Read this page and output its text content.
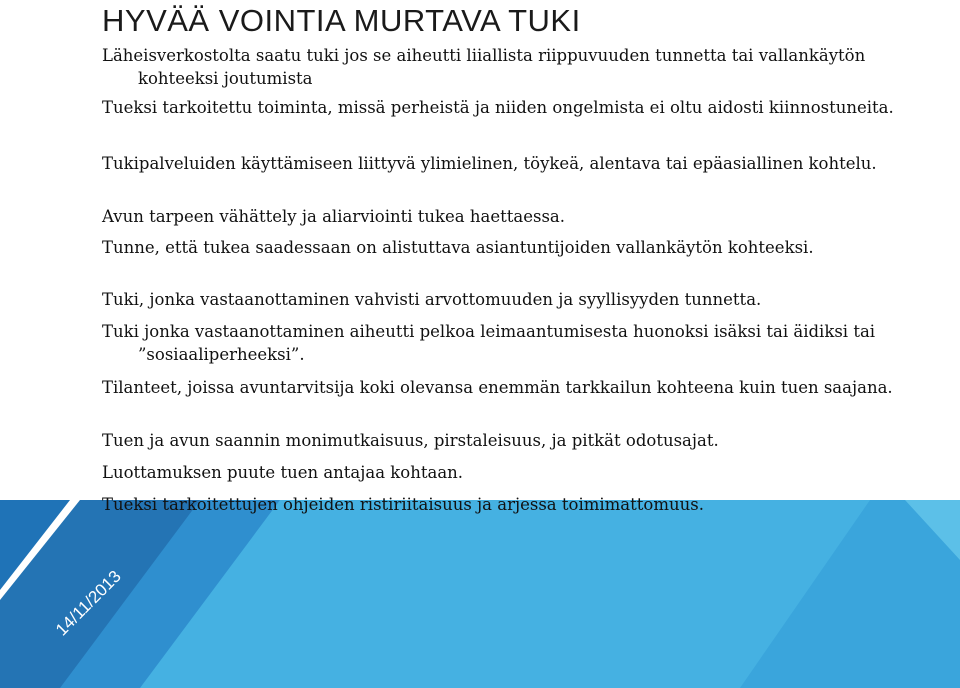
HYVÄÄ VOINTIA MURTAVA TUKI
Läheisverkostolta saatu tuki jos se aiheutti liiallista riippuvuuden tunnetta tai vallankäytön kohteeksi joutumista
Tueksi tarkoitettu toiminta, missä perheistä ja niiden ongelmista ei oltu aidosti kiinnostuneita.
Tukipalveluiden käyttämiseen liittyvä ylimielinen, töykeä, alentava tai epäasiallinen kohtelu.
Avun tarpeen vähättely ja aliarviointi tukea haettaessa.
Tunne, että tukea saadessaan on alistuttava asiantuntijoiden vallankäytön kohteeksi.
Tuki, jonka vastaanottaminen vahvisti arvottomuuden ja syyllisyyden tunnetta.
Tuki jonka vastaanottaminen aiheutti pelkoa leimaantumisesta huonoksi isäksi tai äidiksi tai ”sosiaaliperheeksi”.
Tilanteet, joissa avuntarvitsija koki olevansa enemmän tarkkailun kohteena kuin tuen saajana.
Tuen ja avun saannin monimutkaisuus, pirstaleisuus, ja pitkät odotusajat.
Luottamuksen puute tuen antajaa kohtaan.
Tueksi tarkoitettujen ohjeiden ristiriitaisuus ja arjessa toimimattomuus.
14/11/2013
